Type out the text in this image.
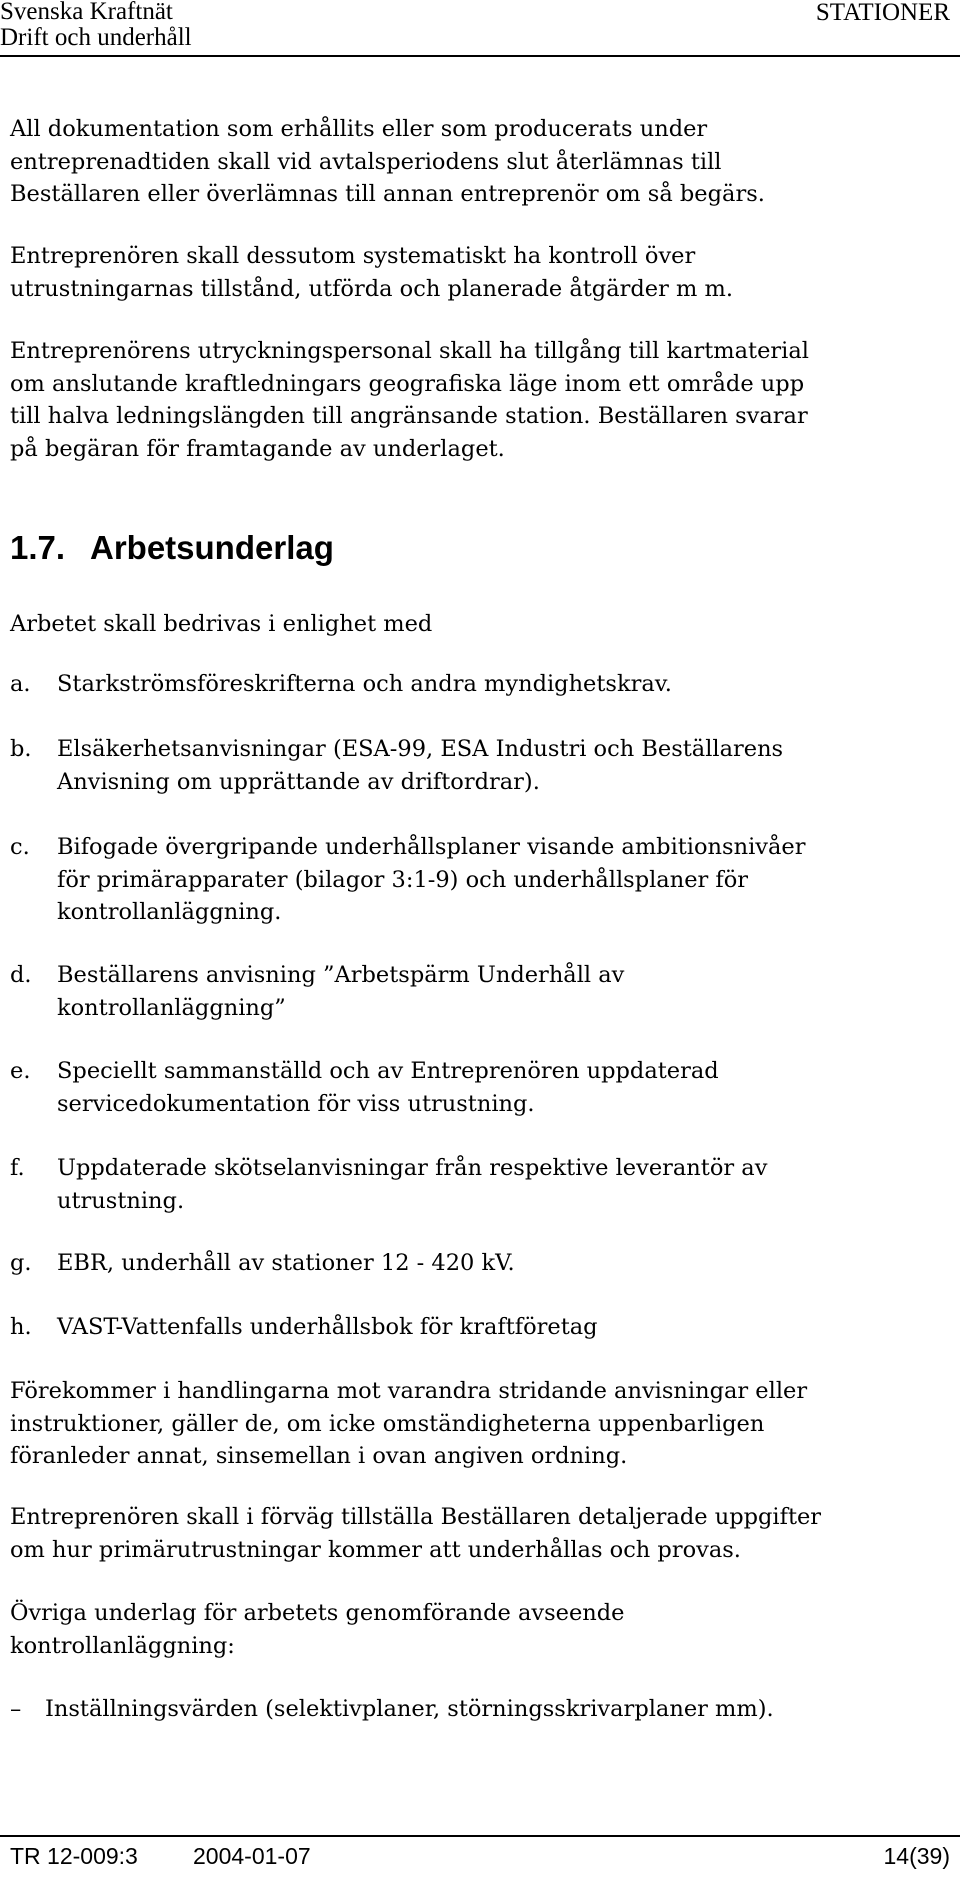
Svenska Kraftnät
Drift och underhåll
STATIONER
All dokumentation som erhållits eller som producerats under
entreprenadtiden skall vid avtalsperiodens slut återlämnas till
Beställaren eller överlämnas till annan entreprenör om så begärs.
Entreprenören skall dessutom systematiskt ha kontroll över
utrustningarnas tillstånd, utförda och planerade åtgärder m m.
Entreprenörens utryckningspersonal skall ha tillgång till kartmaterial
om anslutande kraftledningars geografiska läge inom ett område upp
till halva ledningslängden till angränsande station. Beställaren svarar
på begäran för framtagande av underlaget.
1.7. Arbetsunderlag
Arbetet skall bedrivas i enlighet med
a. Starkströmsföreskrifterna och andra myndighetskrav.
b. Elsäkerhetsanvisningar (ESA-99, ESA Industri och Beställarens
Anvisning om upprättande av driftordrar).
c. Bifogade övergripande underhållsplaner visande ambitionsnivåer
för primärapparater (bilagor 3:1-9) och underhållsplaner för
kontrollanläggning.
d. Beställarens anvisning ”Arbetspärm Underhåll av
kontrollanläggning”
e. Speciellt sammanställd och av Entreprenören uppdaterad
servicedokumentation för viss utrustning.
f. Uppdaterade skötselanvisningar från respektive leverantör av
utrustning.
g. EBR, underhåll av stationer 12 - 420 kV.
h. VAST-Vattenfalls underhållsbok för kraftföretag
Förekommer i handlingarna mot varandra stridande anvisningar eller
instruktioner, gäller de, om icke omständigheterna uppenbarligen
föranleder annat, sinsemellan i ovan angiven ordning.
Entreprenören skall i förväg tillställa Beställaren detaljerade uppgifter
om hur primärutrustningar kommer att underhållas och provas.
Övriga underlag för arbetets genomförande avseende
kontrollanläggning:
– Inställningsvärden (selektivplaner, störningsskrivarplaner mm).
TR 12-009:3 2004-01-07	14(39)
